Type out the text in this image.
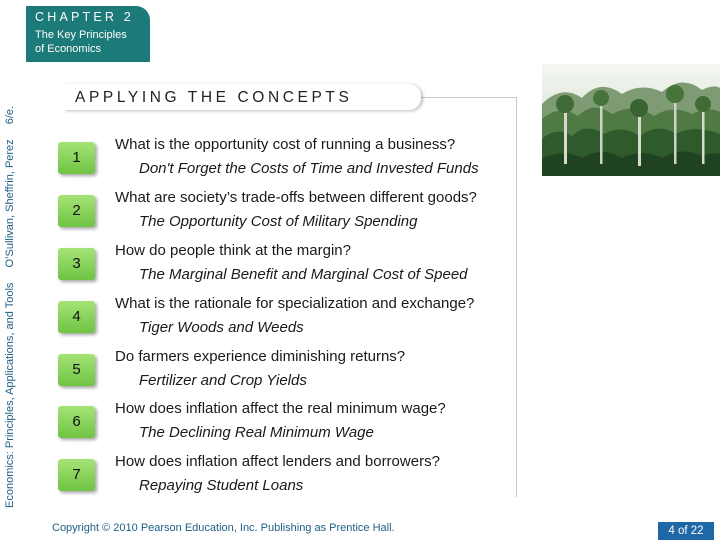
CHAPTER 2
The Key Principles
of Economics
Economics: Principles, Applications, and Tools O’Sullivan, Sheffrin, Perez 6/e.
APPLYING THE CONCEPTS
1
What is the opportunity cost of running a business?
Don't Forget the Costs of Time and Invested Funds
2
What are society’s trade-offs between different goods?
The Opportunity Cost of Military Spending
3
How do people think at the margin?
The Marginal Benefit and Marginal Cost of Speed
4
What is the rationale for specialization and exchange?
Tiger Woods and Weeds
5
Do farmers experience diminishing returns?
Fertilizer and Crop Yields
6
How does inflation affect the real minimum wage?
The Declining Real Minimum Wage
7
How does inflation affect lenders and borrowers?
Repaying Student Loans
Copyright © 2010 Pearson Education, Inc. Publishing as Prentice Hall.	4 of 22
